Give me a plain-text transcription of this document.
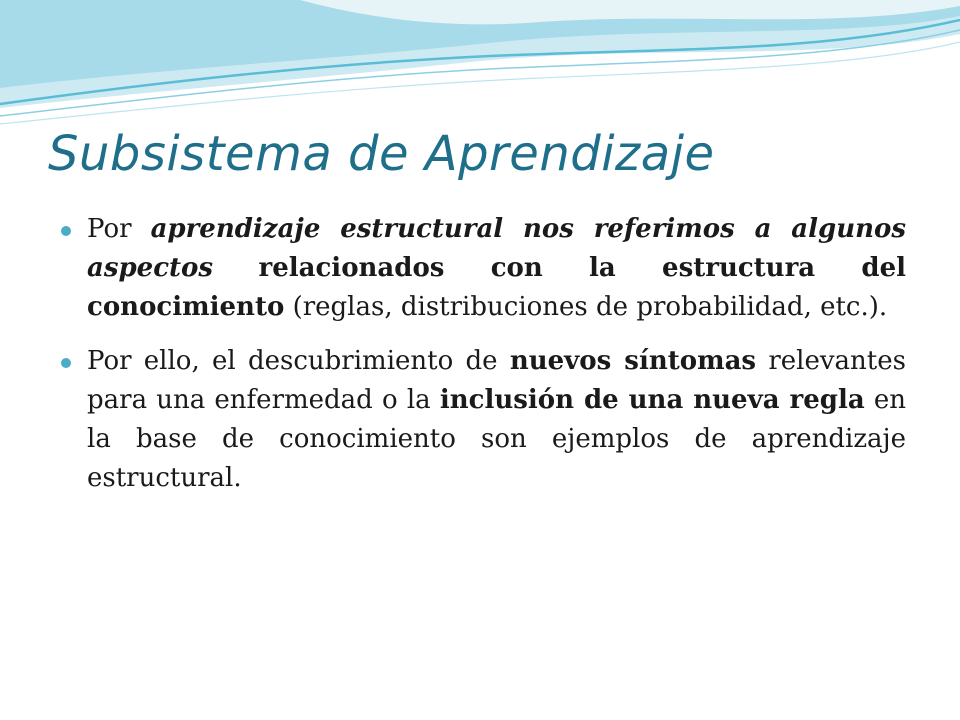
Subsistema de Aprendizaje
Por aprendizaje estructural nos referimos a algunos aspectos relacionados con la estructura del conocimiento (reglas, distribuciones de probabilidad, etc.).
Por ello, el descubrimiento de nuevos síntomas relevantes para una enfermedad o la inclusión de una nueva regla en la base de conocimiento son ejemplos de aprendizaje estructural.
